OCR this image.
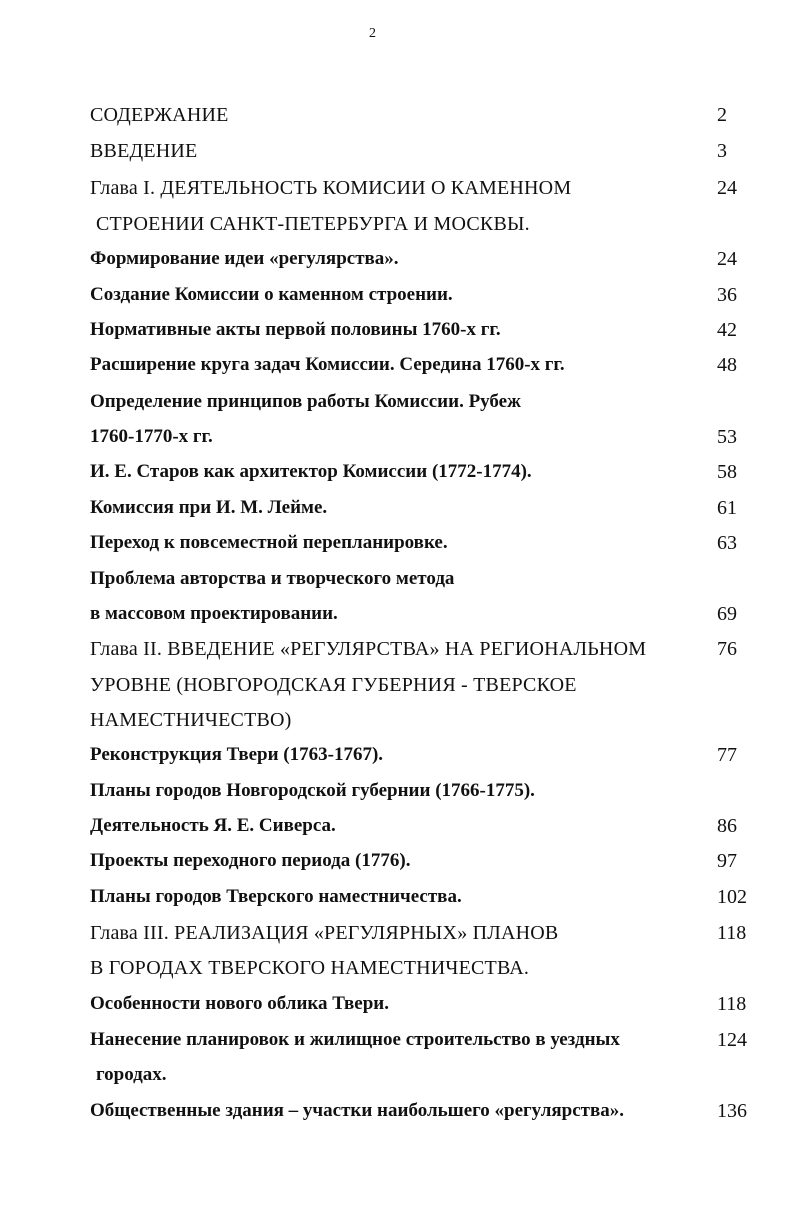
2
СОДЕРЖАНИЕ	2
ВВЕДЕНИЕ	3
Глава I. ДЕЯТЕЛЬНОСТЬ КОМИСИИ О КАМЕННОМ	24
СТРОЕНИИ САНКТ-ПЕТЕРБУРГА И МОСКВЫ.
Формирование идеи «регулярства».	24
Создание Комиссии о каменном строении.	36
Нормативные акты первой половины 1760-х гг.	42
Расширение круга задач Комиссии. Середина 1760-х гг.	48
Определение принципов работы Комиссии. Рубеж
1760-1770-х гг.	53
И. Е. Старов как архитектор Комиссии (1772-1774).	58
Комиссия при И. М. Лейме.	61
Переход к повсеместной перепланировке.	63
Проблема авторства и творческого метода
в массовом проектировании.	69
Глава II. ВВЕДЕНИЕ «РЕГУЛЯРСТВА» НА РЕГИОНАЛЬНОМ	76
УРОВНЕ (НОВГОРОДСКАЯ ГУБЕРНИЯ - ТВЕРСКОЕ
НАМЕСТНИЧЕСТВО)
Реконструкция Твери (1763-1767).	77
Планы городов Новгородской губернии (1766-1775).
Деятельность Я. Е. Сиверса.	86
Проекты переходного периода (1776).	97
Планы городов Тверского наместничества.	102
Глава III. РЕАЛИЗАЦИЯ «РЕГУЛЯРНЫХ» ПЛАНОВ	118
В ГОРОДАХ ТВЕРСКОГО НАМЕСТНИЧЕСТВА.
Особенности нового облика Твери.	118
Нанесение планировок и жилищное строительство в уездных	124
городах.
Общественные здания – участки наибольшего «регулярства».	136
